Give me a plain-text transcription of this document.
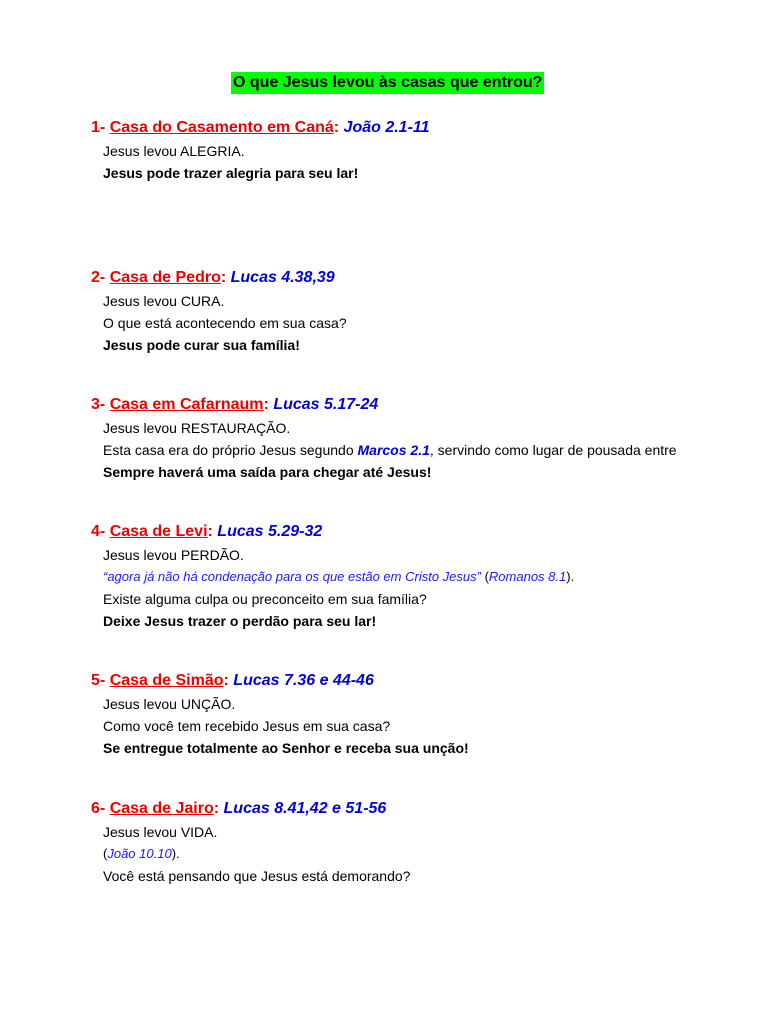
O que Jesus levou às casas que entrou?
1- Casa do Casamento em Caná: João 2.1-11
Jesus levou ALEGRIA.
Jesus pode trazer alegria para seu lar!
2- Casa de Pedro: Lucas 4.38,39
Jesus levou CURA.
O que está acontecendo em sua casa?
Jesus pode curar sua família!
3- Casa em Cafarnaum: Lucas 5.17-24
Jesus levou RESTAURAÇÃO.
Esta casa era do próprio Jesus segundo Marcos 2.1, servindo como lugar de pousada entre
Sempre haverá uma saída para chegar até Jesus!
4- Casa de Levi: Lucas 5.29-32
Jesus levou PERDÃO.
“agora já não há condenação para os que estão em Cristo Jesus” (Romanos 8.1).
Existe alguma culpa ou preconceito em sua família?
Deixe Jesus trazer o perdão para seu lar!
5- Casa de Simão: Lucas 7.36 e 44-46
Jesus levou UNÇÃO.
Como você tem recebido Jesus em sua casa?
Se entregue totalmente ao Senhor e receba sua unção!
6- Casa de Jairo: Lucas 8.41,42 e 51-56
Jesus levou VIDA.
(João 10.10).
Você está pensando que Jesus está demorando?
